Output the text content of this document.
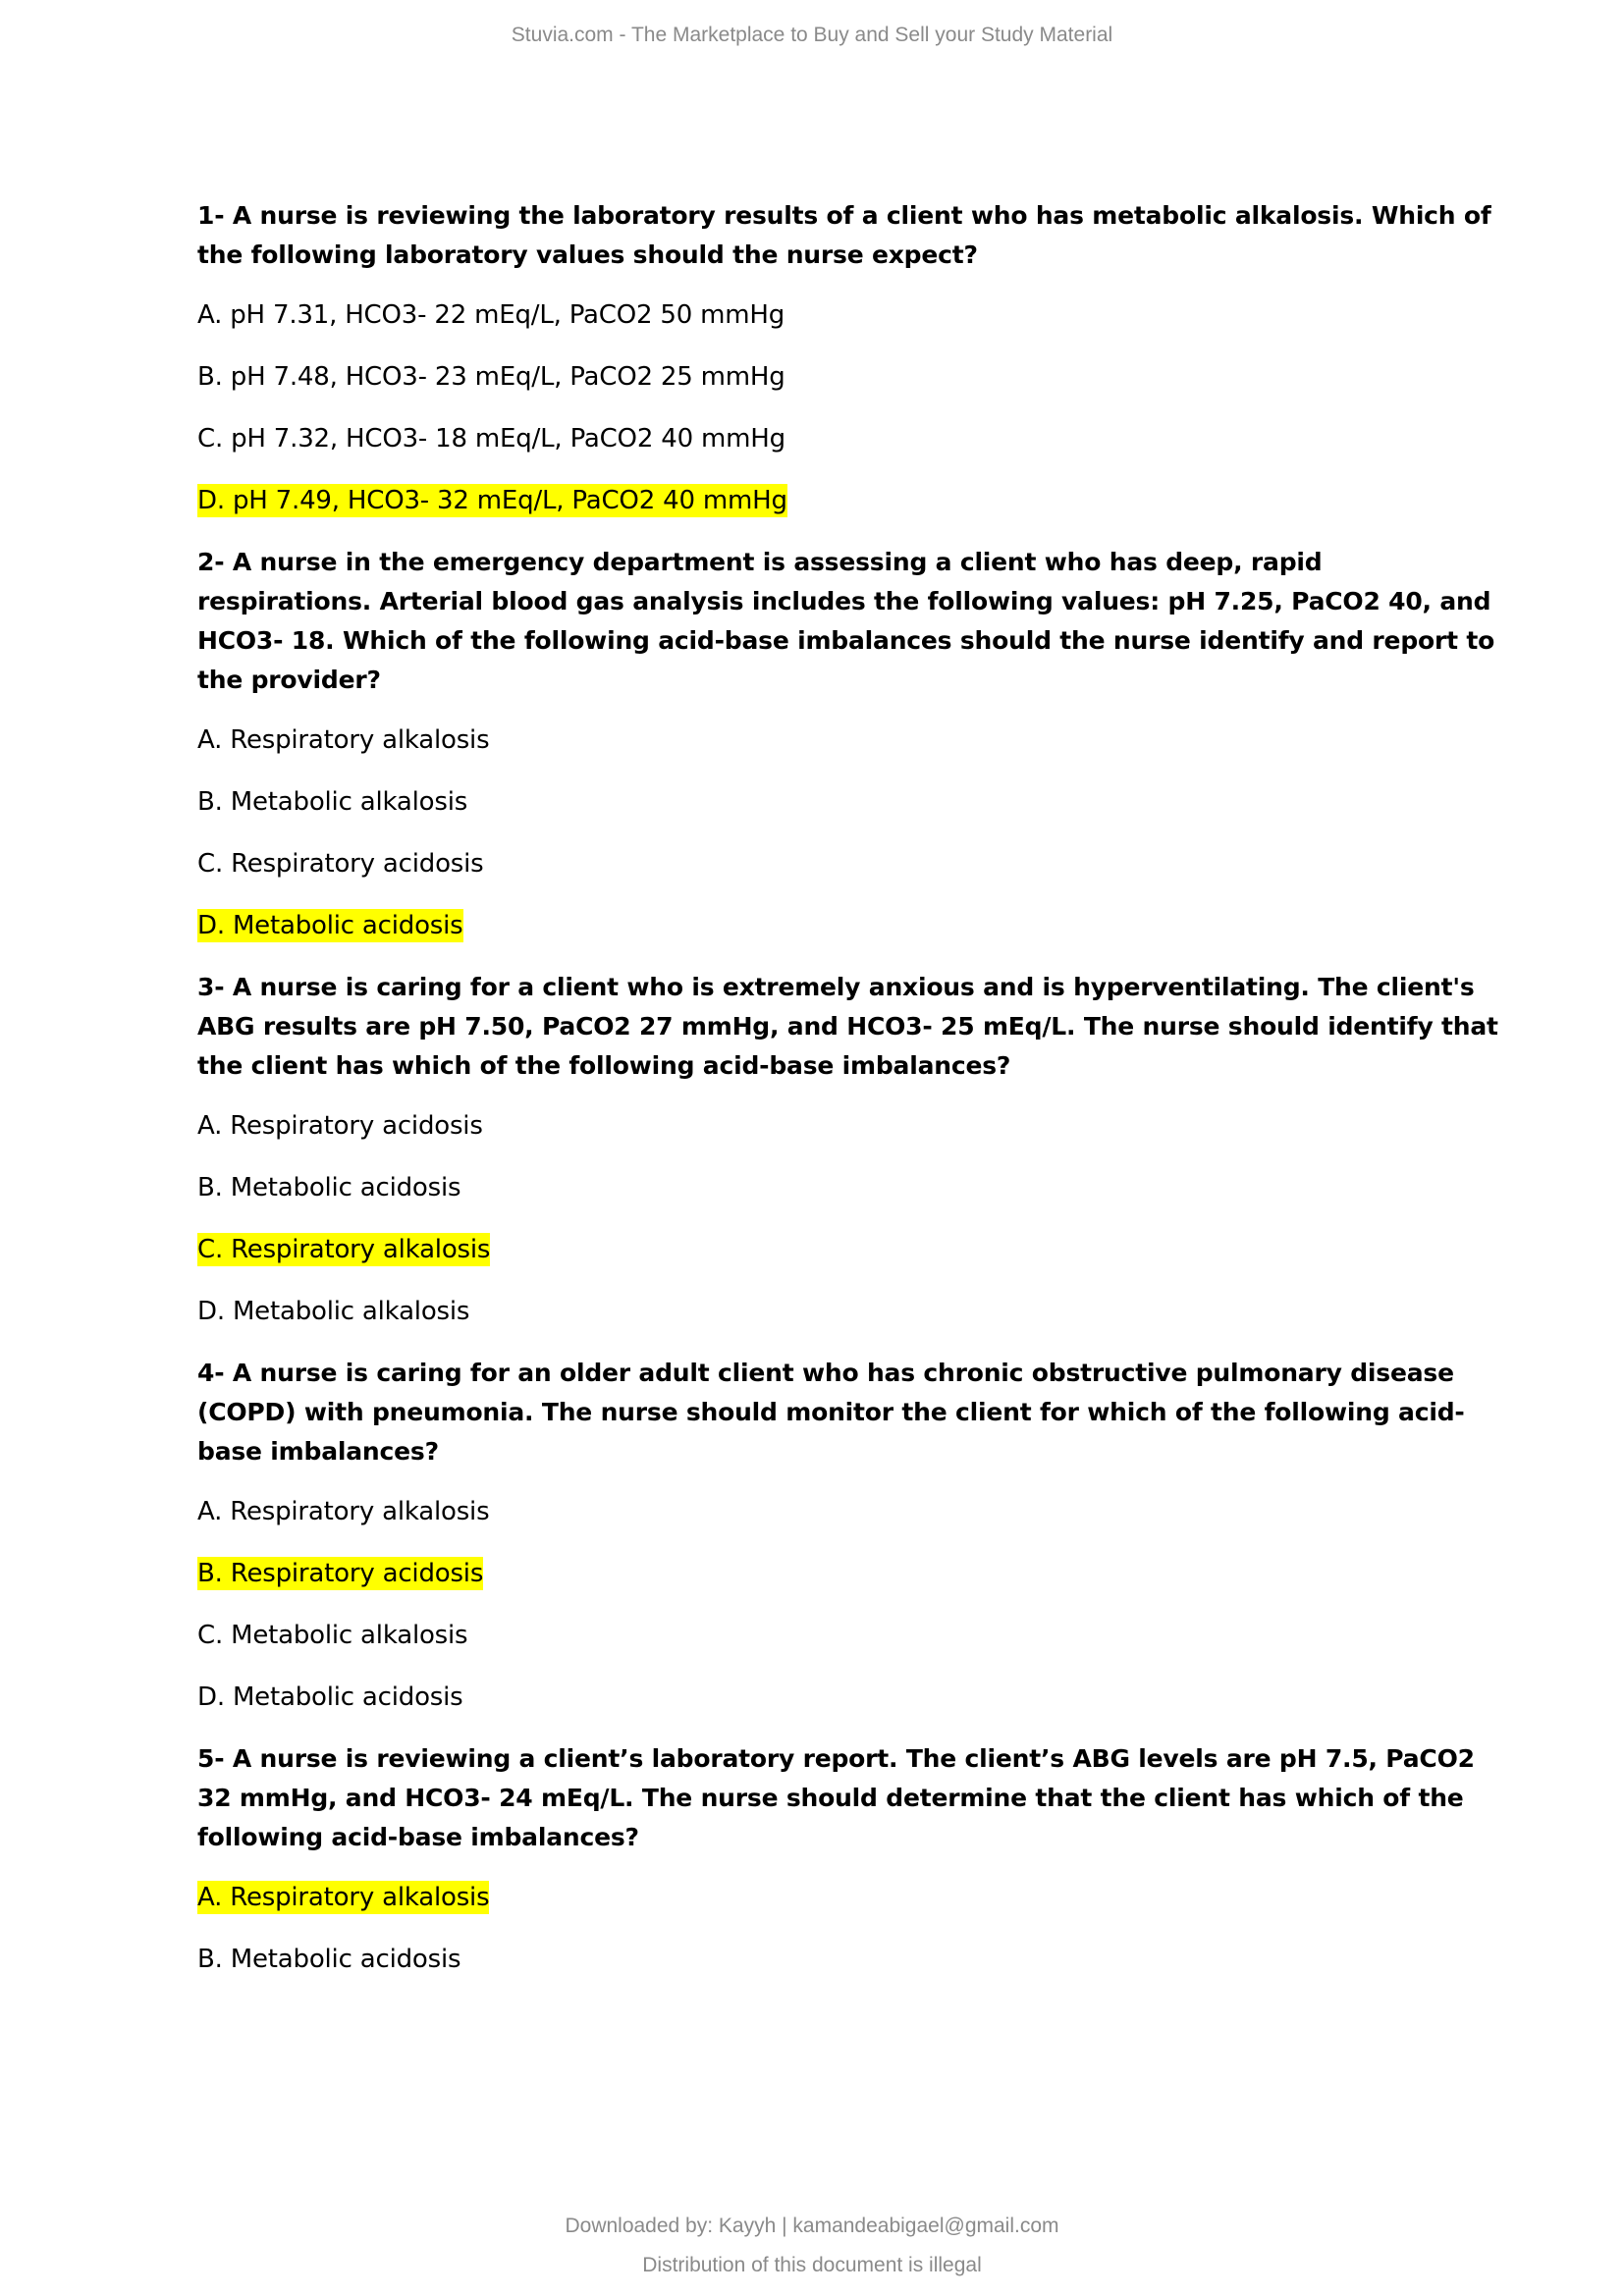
Stuvia.com - The Marketplace to Buy and Sell your Study Material
1- A nurse is reviewing the laboratory results of a client who has metabolic alkalosis. Which of the following laboratory values should the nurse expect?
A. pH 7.31, HCO3- 22 mEq/L, PaCO2 50 mmHg
B. pH 7.48, HCO3- 23 mEq/L, PaCO2 25 mmHg
C. pH 7.32, HCO3- 18 mEq/L, PaCO2 40 mmHg
D. pH 7.49, HCO3- 32 mEq/L, PaCO2 40 mmHg
2- A nurse in the emergency department is assessing a client who has deep, rapid respirations. Arterial blood gas analysis includes the following values: pH 7.25, PaCO2 40, and HCO3- 18. Which of the following acid-base imbalances should the nurse identify and report to the provider?
A. Respiratory alkalosis
B. Metabolic alkalosis
C. Respiratory acidosis
D. Metabolic acidosis
3- A nurse is caring for a client who is extremely anxious and is hyperventilating. The client's ABG results are pH 7.50, PaCO2 27 mmHg, and HCO3- 25 mEq/L. The nurse should identify that the client has which of the following acid-base imbalances?
A. Respiratory acidosis
B. Metabolic acidosis
C. Respiratory alkalosis
D. Metabolic alkalosis
4- A nurse is caring for an older adult client who has chronic obstructive pulmonary disease (COPD) with pneumonia. The nurse should monitor the client for which of the following acid-base imbalances?
A. Respiratory alkalosis
B. Respiratory acidosis
C. Metabolic alkalosis
D. Metabolic acidosis
5- A nurse is reviewing a client’s laboratory report. The client’s ABG levels are pH 7.5, PaCO2 32 mmHg, and HCO3- 24 mEq/L. The nurse should determine that the client has which of the following acid-base imbalances?
A. Respiratory alkalosis
B. Metabolic acidosis
Downloaded by: Kayyh | kamandeabigael@gmail.com
Distribution of this document is illegal
